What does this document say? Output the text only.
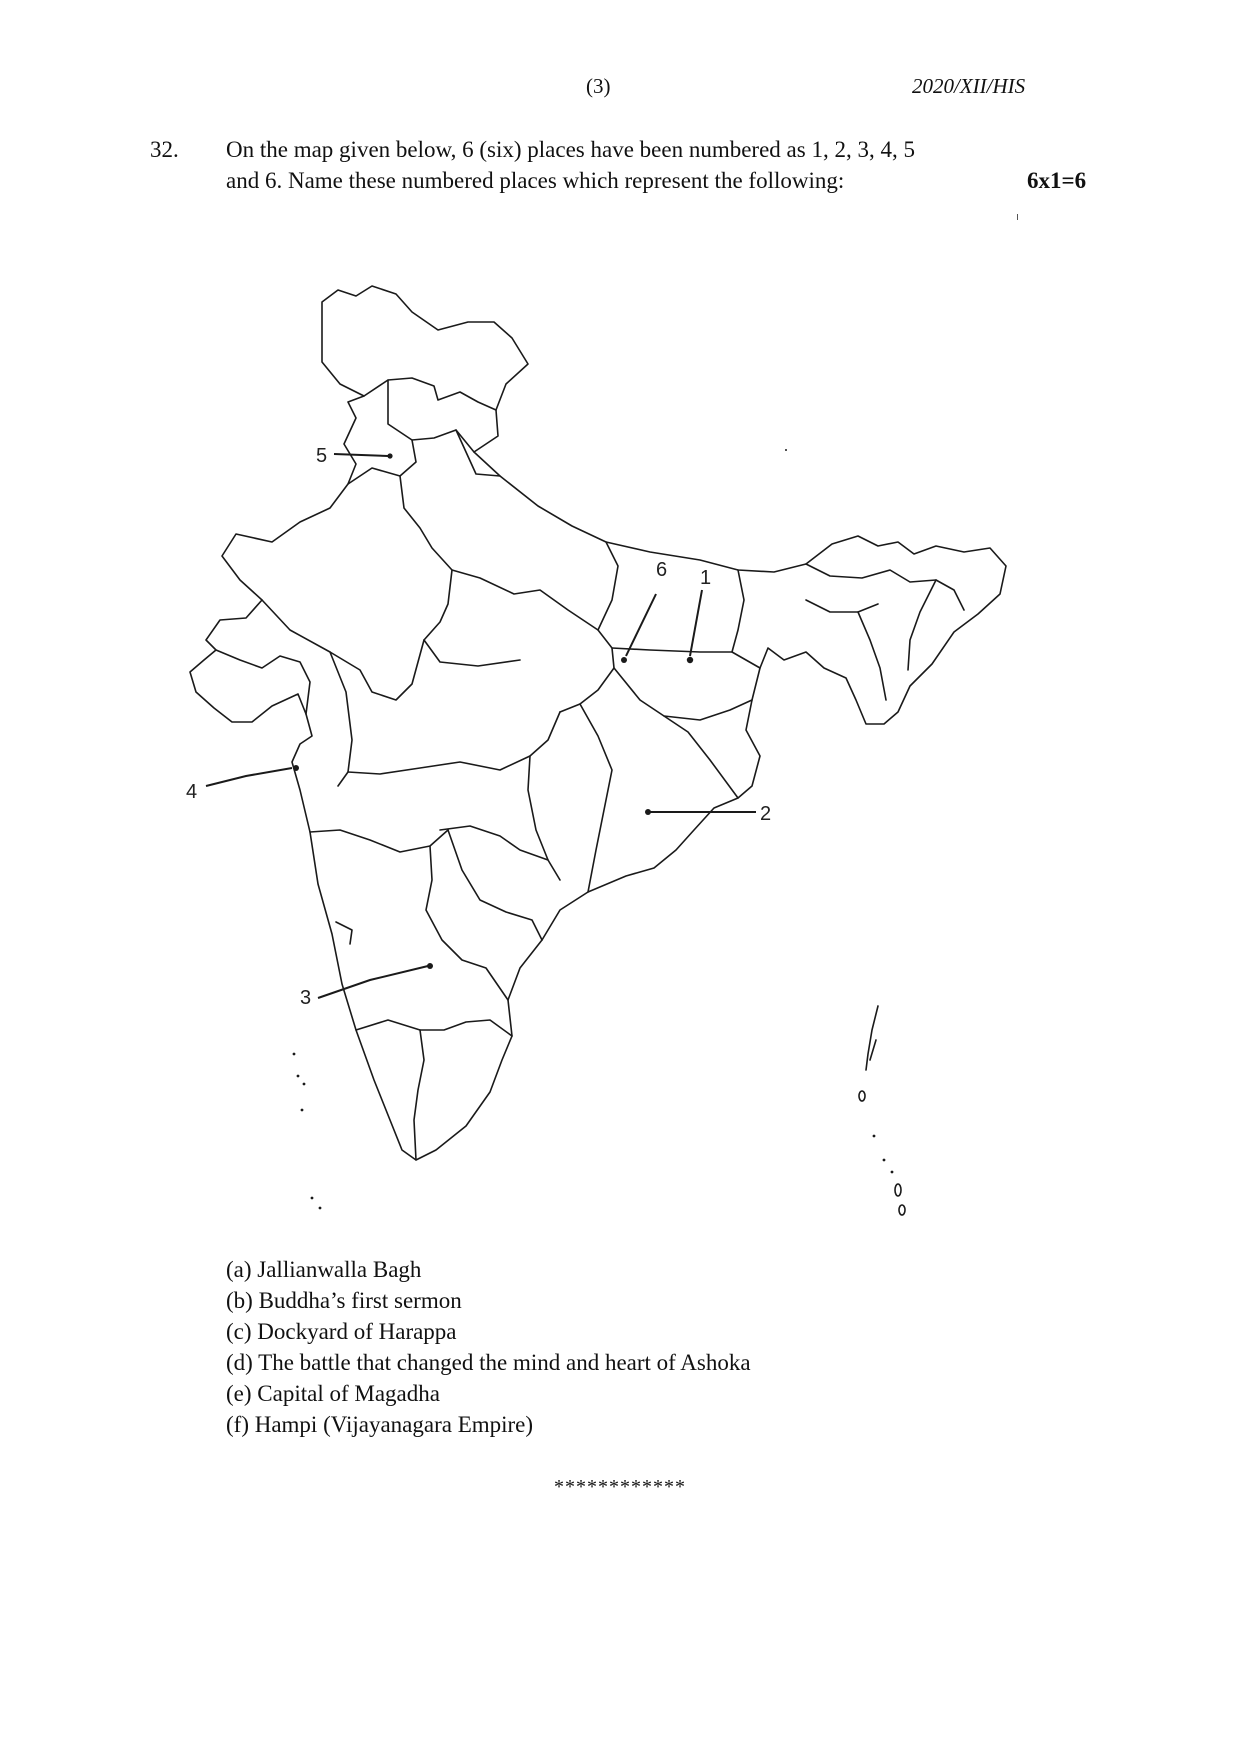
(3)	2020/XII/HIS
32. On the map given below, 6 (six) places have been numbered as 1, 2, 3, 4, 5
and 6. Name these numbered places which represent the following:	6x1=6
5
6 1
4
2
3
(a) Jallianwalla Bagh
(b) Buddha’s first sermon
(c) Dockyard of Harappa
(d) The battle that changed the mind and heart of Ashoka
(e) Capital of Magadha
(f) Hampi (Vijayanagara Empire)
************
